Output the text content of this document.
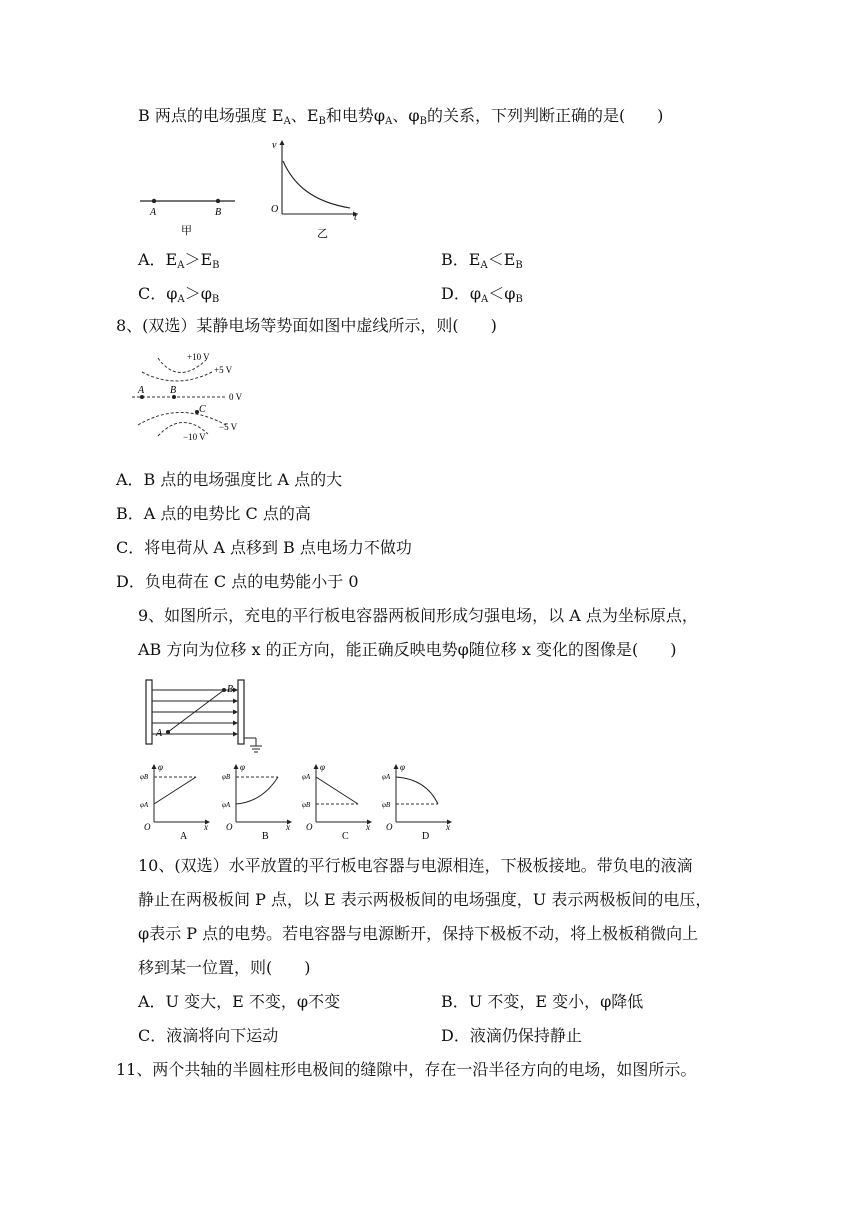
B 两点的电场强度 $E_A$、$E_B$和电势$\varphi_A$、$\varphi_B$的关系，下列判断正确的是(　　)
A	B
甲
v
t
O
乙
A．$E_A>E_B$	B．$E_A<E_B$
C．$\varphi_A>\varphi_B$	D．$\varphi_A<\varphi_B$
8、(双选）某静电场等势面如图中虚线所示，则(　　)
+10 V
+5 V
0 V
−5 V
−10 V
A	B
C
A．B 点的电场强度比 A 点的大
B．A 点的电势比 C 点的高
C．将电荷从 A 点移到 B 点电场力不做功
D．负电荷在 C 点的电势能小于 0
9、如图所示，充电的平行板电容器两板间形成匀强电场，以 A 点为坐标原点，
AB 方向为位移 x 的正方向，能正确反映电势φ随位移 x 变化的图像是(　　)
A
B
φ
φB
φA
O	x
A
φ
φB
φA
O	x
B
φ
φA
φB
O	x
C
φ
φA
φB
O	x
D
10、(双选）水平放置的平行板电容器与电源相连，下极板接地。带负电的液滴
静止在两极板间 P 点，以 E 表示两极板间的电场强度，U 表示两极板间的电压，
φ表示 P 点的电势。若电容器与电源断开，保持下极板不动，将上极板稍微向上
移到某一位置，则(　　)
A．U 变大，E 不变，φ不变	B．U 不变，E 变小，φ降低
C．液滴将向下运动	D．液滴仍保持静止
11、两个共轴的半圆柱形电极间的缝隙中，存在一沿半径方向的电场，如图所示。
